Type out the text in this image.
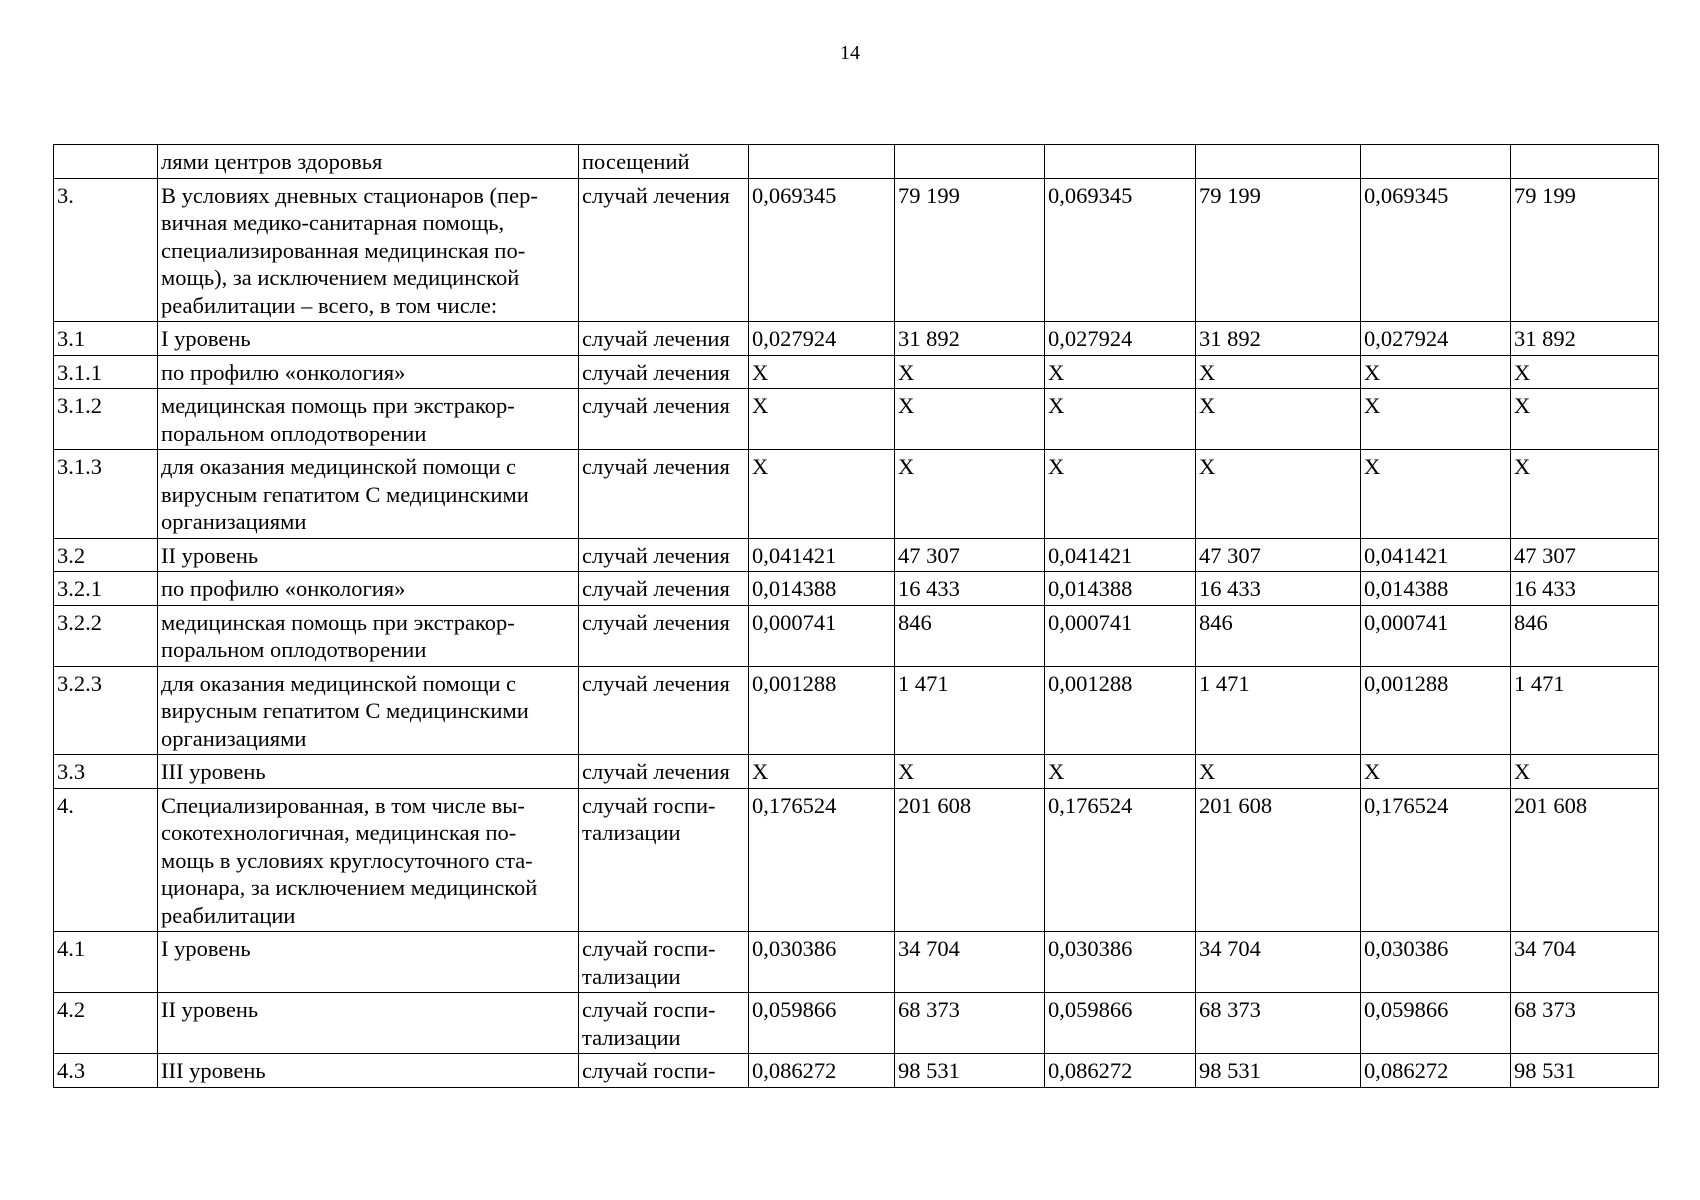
14
	лями центров здоровья	посещений						
3.	В условиях дневных стационаров (пер-
вичная медико-санитарная помощь,
специализированная медицинская по-
мощь), за исключением медицинской
реабилитации – всего, в том числе:	случай лечения	0,069345	79 199	0,069345	79 199	0,069345	79 199
3.1	I уровень	случай лечения	0,027924	31 892	0,027924	31 892	0,027924	31 892
3.1.1	по профилю «онкология»	случай лечения	X	X	X	X	X	X
3.1.2	медицинская помощь при экстракор-
поральном оплодотворении	случай лечения	X	X	X	X	X	X
3.1.3	для оказания медицинской помощи с
вирусным гепатитом С медицинскими
организациями	случай лечения	X	X	X	X	X	X
3.2	II уровень	случай лечения	0,041421	47 307	0,041421	47 307	0,041421	47 307
3.2.1	по профилю «онкология»	случай лечения	0,014388	16 433	0,014388	16 433	0,014388	16 433
3.2.2	медицинская помощь при экстракор-
поральном оплодотворении	случай лечения	0,000741	846	0,000741	846	0,000741	846
3.2.3	для оказания медицинской помощи с
вирусным гепатитом С медицинскими
организациями	случай лечения	0,001288	1 471	0,001288	1 471	0,001288	1 471
3.3	III уровень	случай лечения	X	X	X	X	X	X
4.	Специализированная, в том числе вы-
сокотехнологичная, медицинская по-
мощь в условиях круглосуточного ста-
ционара, за исключением медицинской
реабилитации	случай госпи-
тализации	0,176524	201 608	0,176524	201 608	0,176524	201 608
4.1	I уровень	случай госпи-
тализации	0,030386	34 704	0,030386	34 704	0,030386	34 704
4.2	II уровень	случай госпи-
тализации	0,059866	68 373	0,059866	68 373	0,059866	68 373
4.3	III уровень	случай госпи-	0,086272	98 531	0,086272	98 531	0,086272	98 531
